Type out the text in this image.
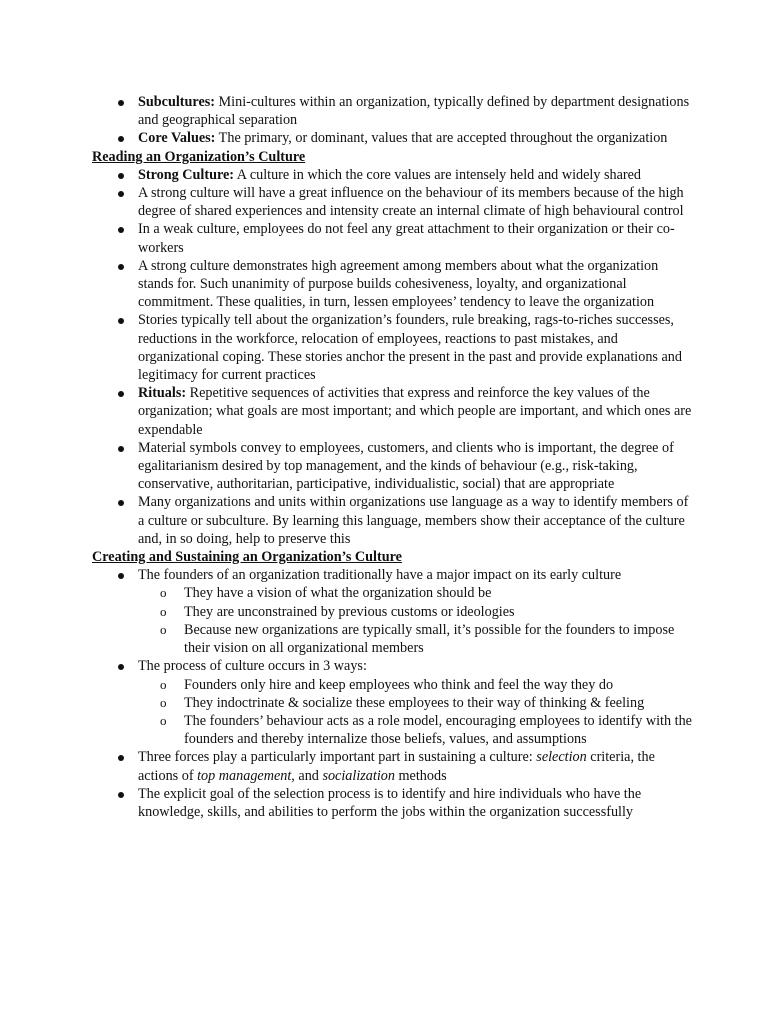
Subcultures: Mini-cultures within an organization, typically defined by department designations and geographical separation
Core Values: The primary, or dominant, values that are accepted throughout the organization

Reading an Organization’s Culture

Strong Culture: A culture in which the core values are intensely held and widely shared
A strong culture will have a great influence on the behaviour of its members because of the high degree of shared experiences and intensity create an internal climate of high behavioural control
In a weak culture, employees do not feel any great attachment to their organization or their co-workers
A strong culture demonstrates high agreement among members about what the organization stands for. Such unanimity of purpose builds cohesiveness, loyalty, and organizational commitment. These qualities, in turn, lessen employees’ tendency to leave the organization
Stories typically tell about the organization’s founders, rule breaking, rags-to-riches successes, reductions in the workforce, relocation of employees, reactions to past mistakes, and organizational coping. These stories anchor the present in the past and provide explanations and legitimacy for current practices
Rituals: Repetitive sequences of activities that express and reinforce the key values of the organization; what goals are most important; and which people are important, and which ones are expendable
Material symbols convey to employees, customers, and clients who is important, the degree of egalitarianism desired by top management, and the kinds of behaviour (e.g., risk-taking, conservative, authoritarian, participative, individualistic, social) that are appropriate
Many organizations and units within organizations use language as a way to identify members of a culture or subculture. By learning this language, members show their acceptance of the culture and, in so doing, help to preserve this

Creating and Sustaining an Organization’s Culture

The founders of an organization traditionally have a major impact on its early culture
o They have a vision of what the organization should be
o They are unconstrained by previous customs or ideologies
o Because new organizations are typically small, it’s possible for the founders to impose their vision on all organizational members
The process of culture occurs in 3 ways:
o Founders only hire and keep employees who think and feel the way they do
o They indoctrinate & socialize these employees to their way of thinking & feeling
o The founders’ behaviour acts as a role model, encouraging employees to identify with the founders and thereby internalize those beliefs, values, and assumptions
Three forces play a particularly important part in sustaining a culture: selection criteria, the actions of top management, and socialization methods
The explicit goal of the selection process is to identify and hire individuals who have the knowledge, skills, and abilities to perform the jobs within the organization successfully
